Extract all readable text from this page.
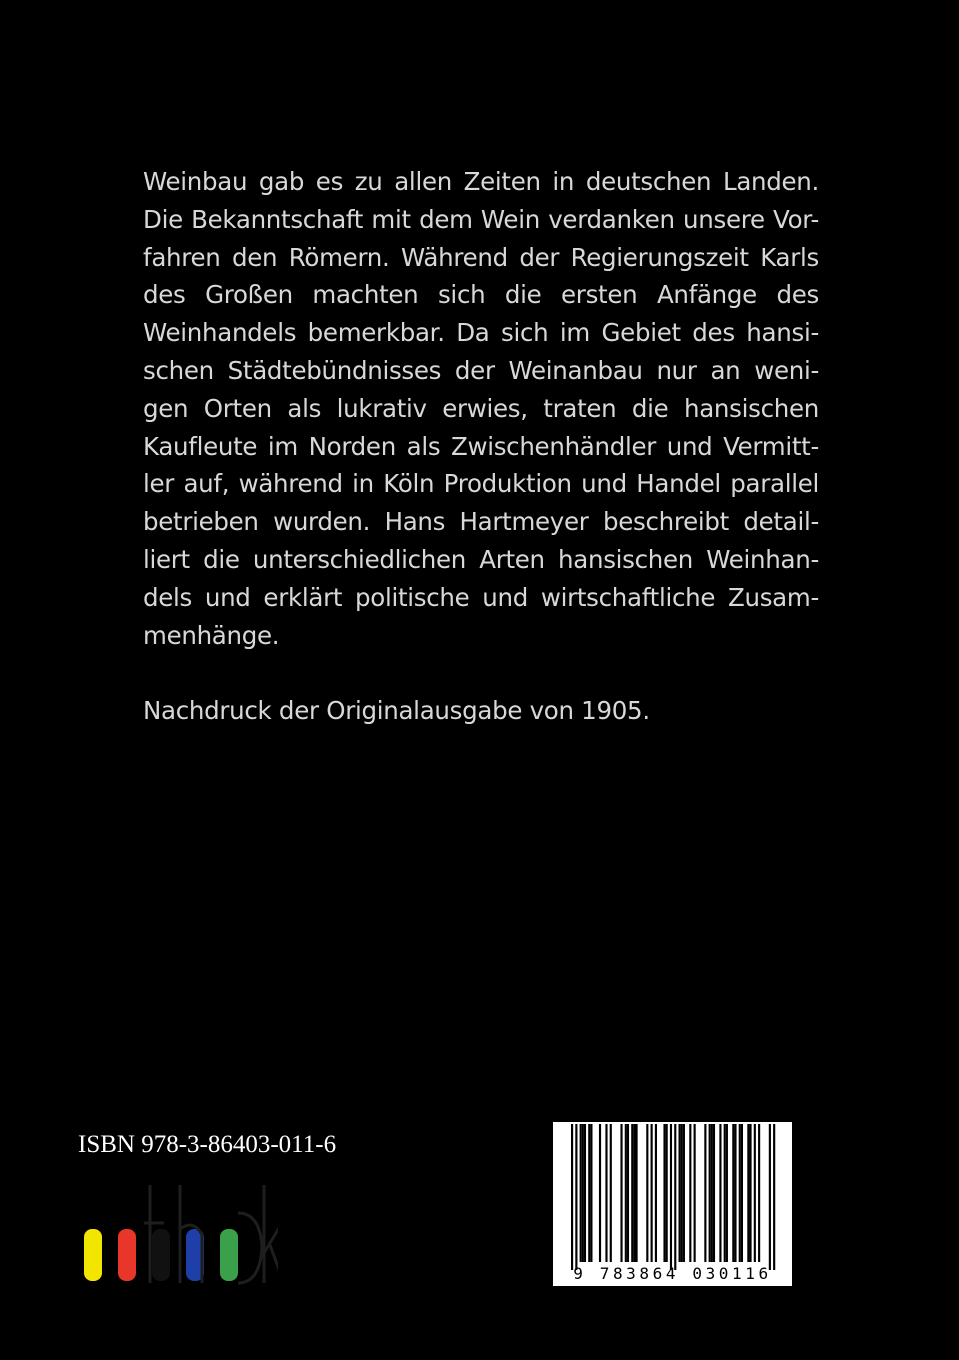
Weinbau gab es zu allen Zeiten in deutschen Landen.
Die Bekanntschaft mit dem Wein verdanken unsere Vor-
fahren den Römern. Während der Regierungszeit Karls
des Großen machten sich die ersten Anfänge des
Weinhandels bemerkbar. Da sich im Gebiet des hansi-
schen Städtebündnisses der Weinanbau nur an weni-
gen Orten als lukrativ erwies, traten die hansischen
Kaufleute im Norden als Zwischenhändler und Vermitt-
ler auf, während in Köln Produktion und Handel parallel
betrieben wurden. Hans Hartmeyer beschreibt detail-
liert die unterschiedlichen Arten hansischen Weinhan-
dels und erklärt politische und wirtschaftliche Zusam-
menhänge.
Nachdruck der Originalausgabe von 1905.
ISBN 978-3-86403-011-6
9 783864 030116
